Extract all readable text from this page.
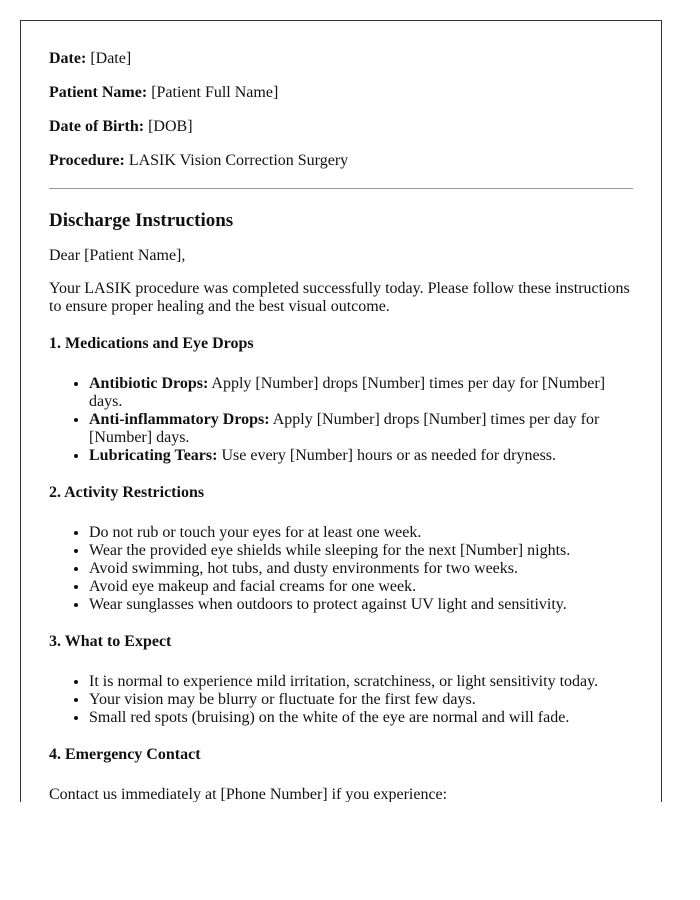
Date: [Date]

Patient Name: [Patient Full Name]

Date of Birth: [DOB]

Procedure: LASIK Vision Correction Surgery

Discharge Instructions

Dear [Patient Name],

Your LASIK procedure was completed successfully today. Please follow these instructions to ensure proper healing and the best visual outcome.

1. Medications and Eye Drops
• Antibiotic Drops: Apply [Number] drops [Number] times per day for [Number] days.
• Anti-inflammatory Drops: Apply [Number] drops [Number] times per day for [Number] days.
• Lubricating Tears: Use every [Number] hours or as needed for dryness.
2. Activity Restrictions
• Do not rub or touch your eyes for at least one week.
• Wear the provided eye shields while sleeping for the next [Number] nights.
• Avoid swimming, hot tubs, and dusty environments for two weeks.
• Avoid eye makeup and facial creams for one week.
• Wear sunglasses when outdoors to protect against UV light and sensitivity.
3. What to Expect
• It is normal to experience mild irritation, scratchiness, or light sensitivity today.
• Your vision may be blurry or fluctuate for the first few days.
• Small red spots (bruising) on the white of the eye are normal and will fade.
4. Emergency Contact

Contact us immediately at [Phone Number] if you experience:
